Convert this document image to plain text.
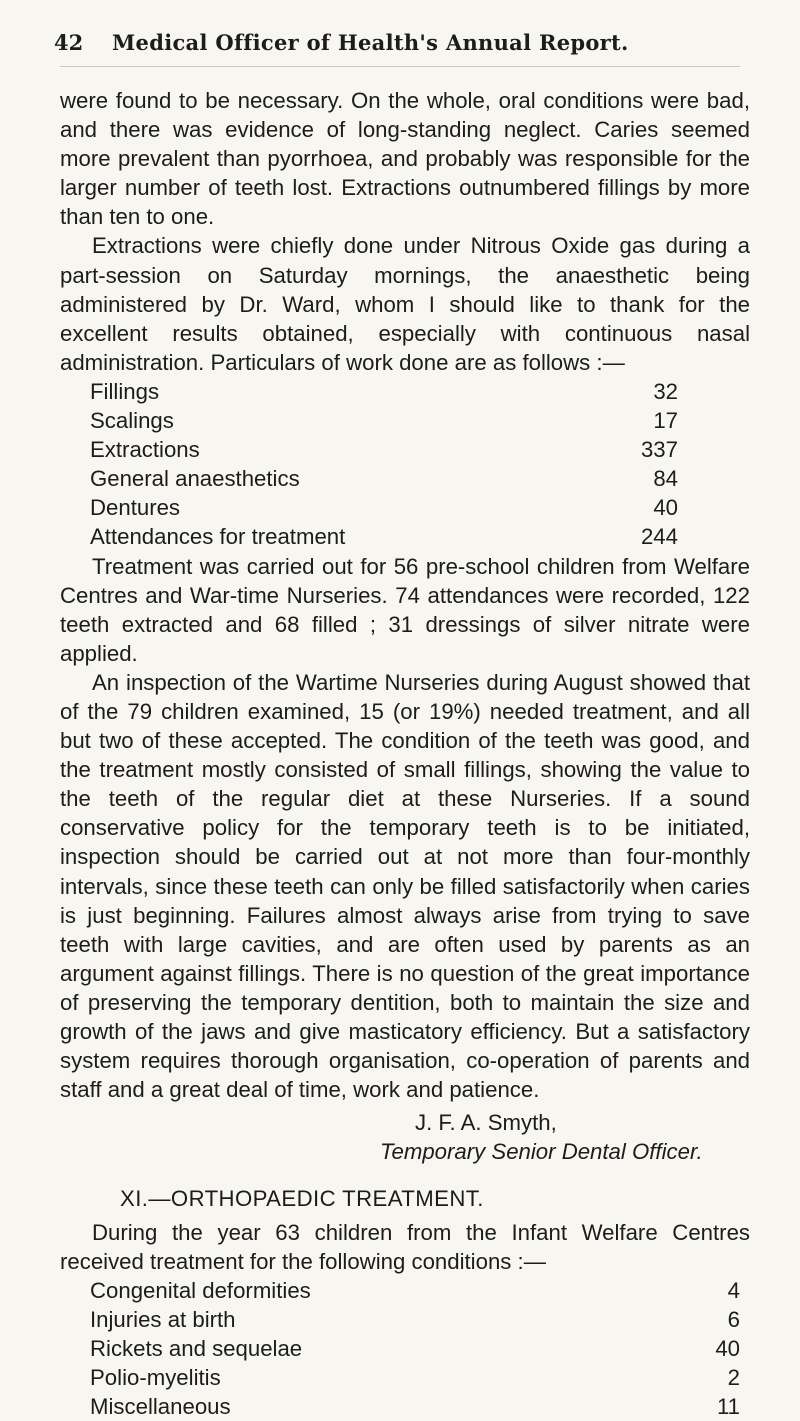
42	Medical Officer of Health's Annual Report.

were found to be necessary. On the whole, oral conditions were bad, and there was evidence of long-standing neglect. Caries seemed more prevalent than pyorrhoea, and probably was responsible for the larger number of teeth lost. Extractions outnumbered fillings by more than ten to one.

Extractions were chiefly done under Nitrous Oxide gas during a part-session on Saturday mornings, the anaesthetic being administered by Dr. Ward, whom I should like to thank for the excellent results obtained, especially with continuous nasal administration. Particulars of work done are as follows :—

Fillings	32
Scalings	17
Extractions	337
General anaesthetics	84
Dentures	40
Attendances for treatment	244

Treatment was carried out for 56 pre-school children from Welfare Centres and War-time Nurseries. 74 attendances were recorded, 122 teeth extracted and 68 filled ; 31 dressings of silver nitrate were applied.

An inspection of the Wartime Nurseries during August showed that of the 79 children examined, 15 (or 19%) needed treatment, and all but two of these accepted. The condition of the teeth was good, and the treatment mostly consisted of small fillings, showing the value to the teeth of the regular diet at these Nurseries. If a sound conservative policy for the temporary teeth is to be initiated, inspection should be carried out at not more than four-monthly intervals, since these teeth can only be filled satisfactorily when caries is just beginning. Failures almost always arise from trying to save teeth with large cavities, and are often used by parents as an argument against fillings. There is no question of the great importance of preserving the temporary dentition, both to maintain the size and growth of the jaws and give masticatory efficiency. But a satisfactory system requires thorough organisation, co-operation of parents and staff and a great deal of time, work and patience.

J. F. A. Smyth,

Temporary Senior Dental Officer.

XI.—ORTHOPAEDIC TREATMENT.

During the year 63 children from the Infant Welfare Centres received treatment for the following conditions :—

Congenital deformities	4
Injuries at birth	6
Rickets and sequelae	40
Polio-myelitis	2
Miscellaneous	11
